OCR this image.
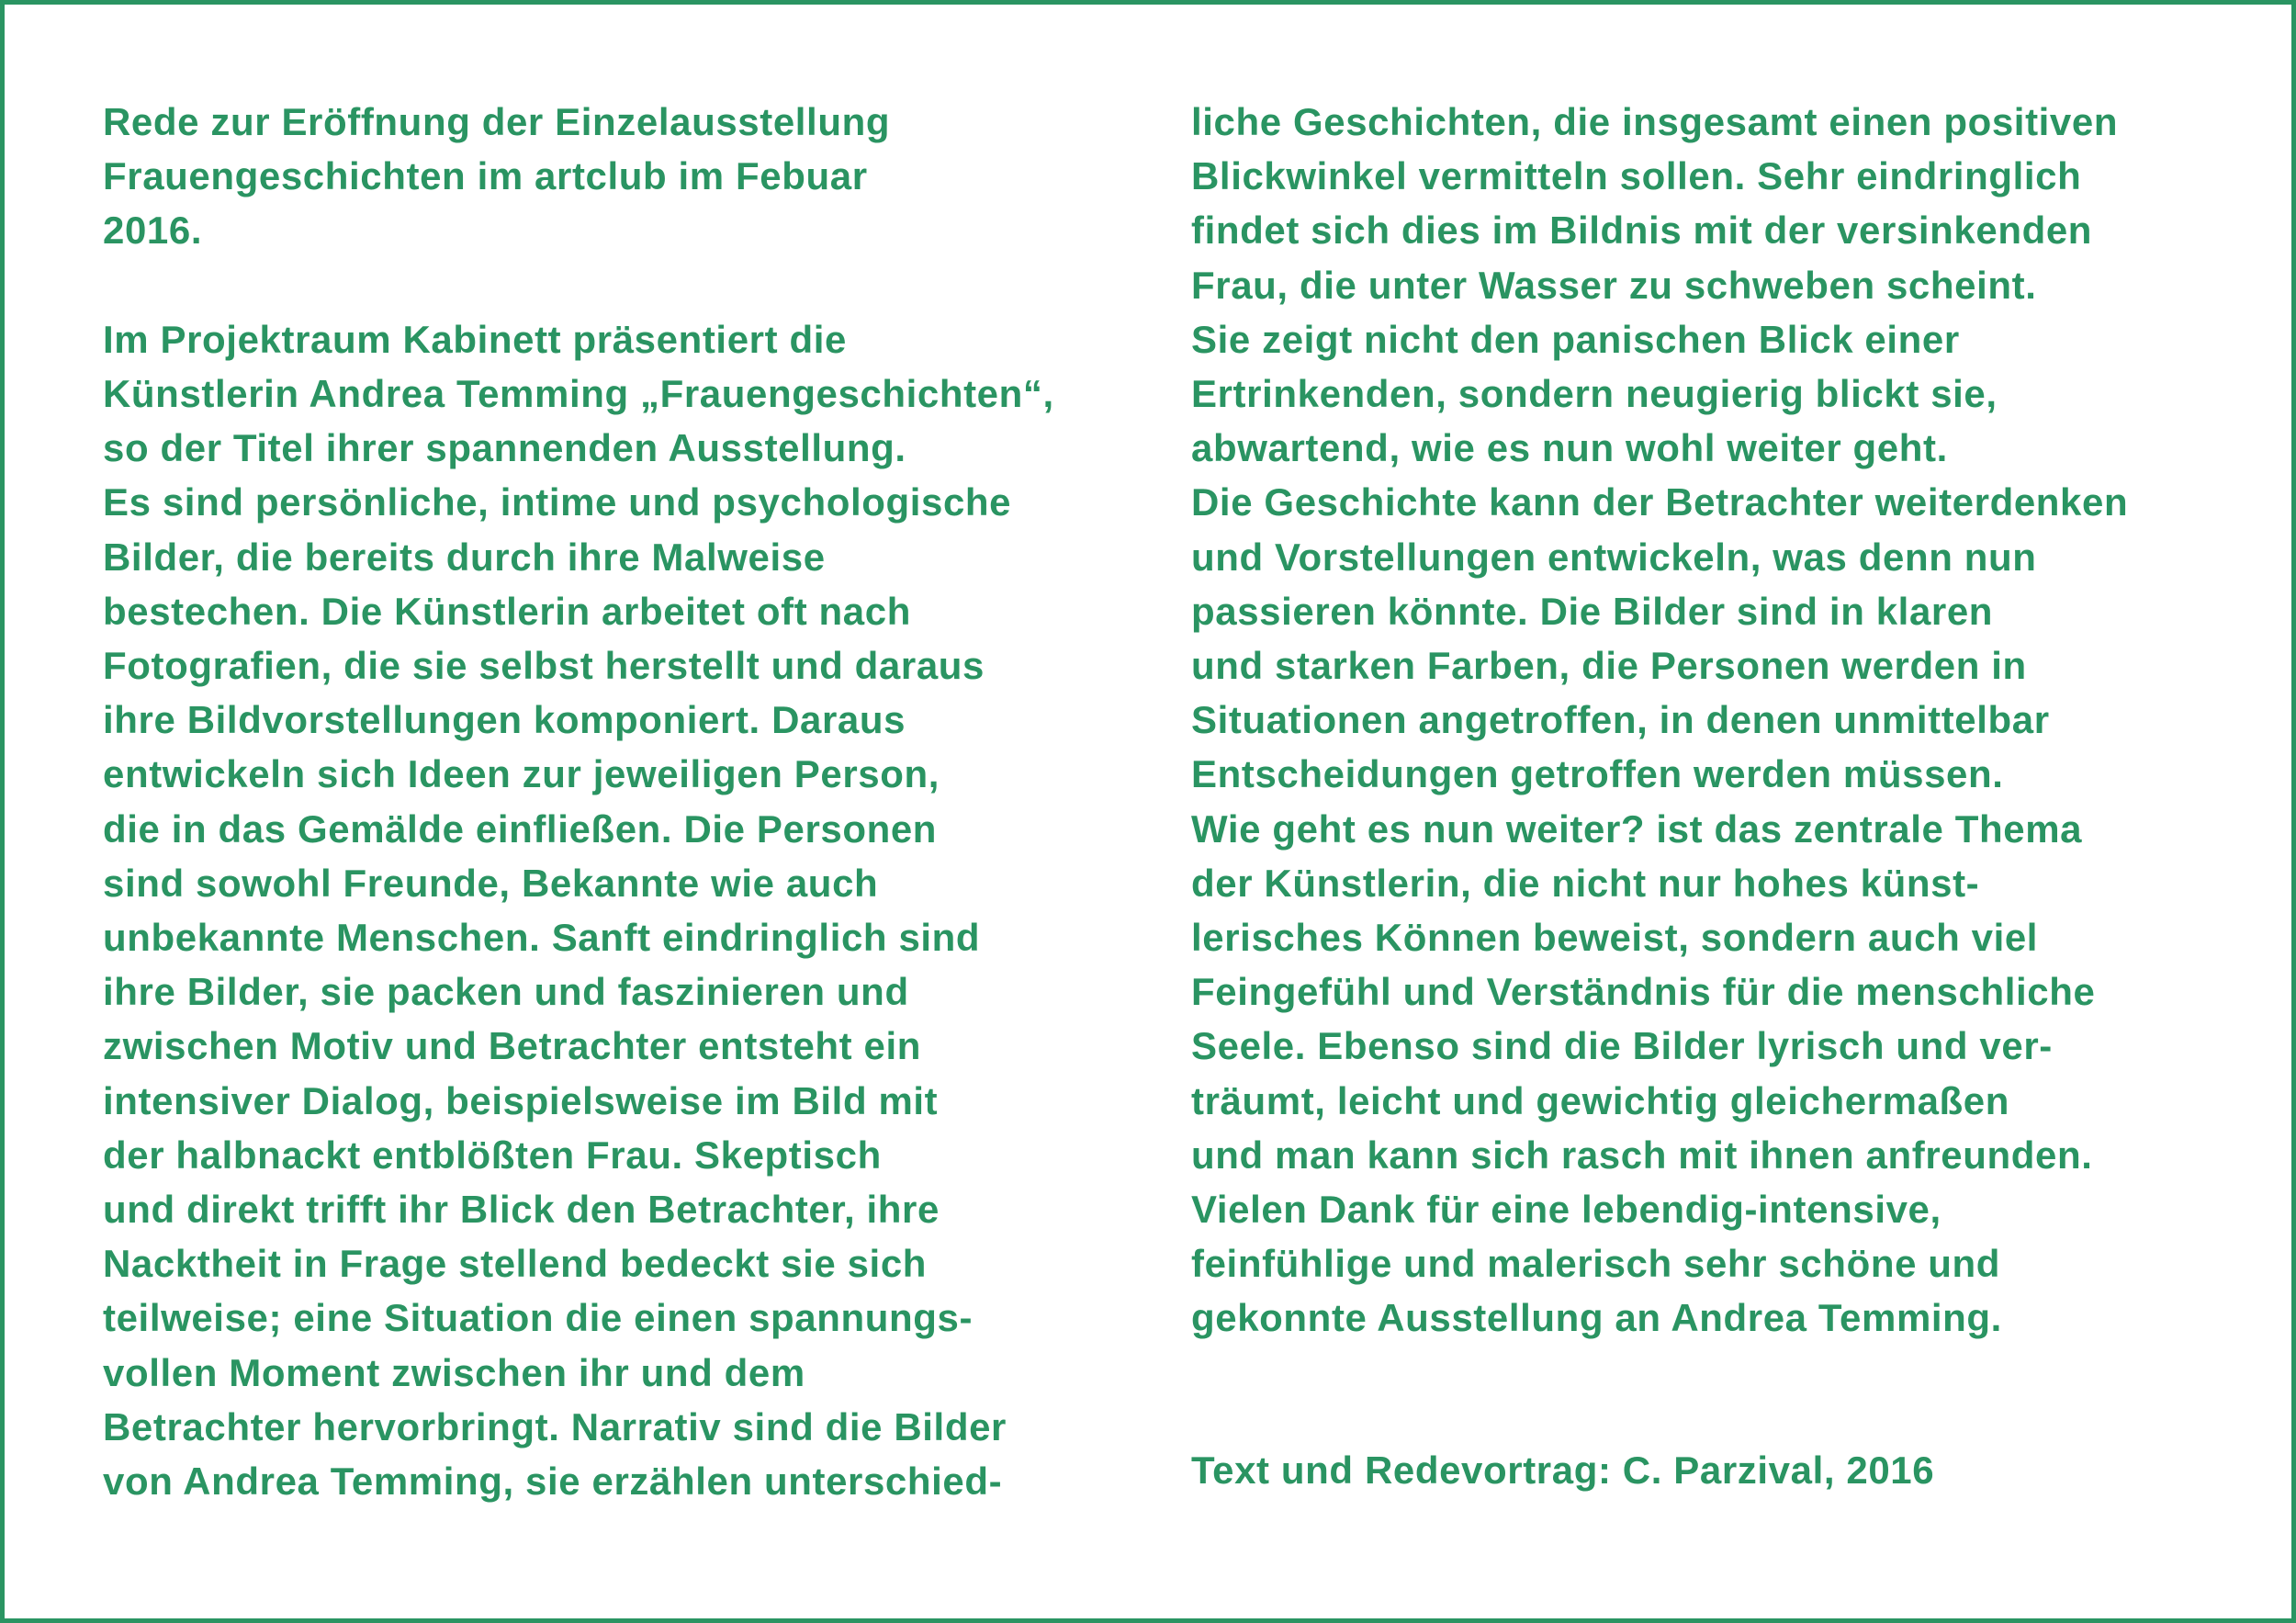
Rede zur Eröffnung der Einzelausstellung
Frauengeschichten im artclub im Febuar
2016.
Im Projektraum Kabinett präsentiert die
Künstlerin Andrea Temming „Frauengeschichten“,
so der Titel ihrer spannenden Ausstellung.
Es sind persönliche, intime und psychologische
Bilder, die bereits durch ihre Malweise
bestechen. Die Künstlerin arbeitet oft nach
Fotografien, die sie selbst herstellt und daraus
ihre Bildvorstellungen komponiert. Daraus
entwickeln sich Ideen zur jeweiligen Person,
die in das Gemälde einfließen. Die Personen
sind sowohl Freunde, Bekannte wie auch
unbekannte Menschen. Sanft eindringlich sind
ihre Bilder, sie packen und faszinieren und
zwischen Motiv und Betrachter entsteht ein
intensiver Dialog, beispielsweise im Bild mit
der halbnackt entblößten Frau. Skeptisch
und direkt trifft ihr Blick den Betrachter, ihre
Nacktheit in Frage stellend bedeckt sie sich
teilweise; eine Situation die einen spannungs-
vollen Moment zwischen ihr und dem
Betrachter hervorbringt. Narrativ sind die Bilder
von Andrea Temming, sie erzählen unterschied-
liche Geschichten, die insgesamt einen positiven
Blickwinkel vermitteln sollen. Sehr eindringlich
findet sich dies im Bildnis mit der versinkenden
Frau, die unter Wasser zu schweben scheint.
Sie zeigt nicht den panischen Blick einer
Ertrinkenden, sondern neugierig blickt sie,
abwartend, wie es nun wohl weiter geht.
Die Geschichte kann der Betrachter weiterdenken
und Vorstellungen entwickeln, was denn nun
passieren könnte. Die Bilder sind in klaren
und starken Farben, die Personen werden in
Situationen angetroffen, in denen unmittelbar
Entscheidungen getroffen werden müssen.
Wie geht es nun weiter? ist das zentrale Thema
der Künstlerin, die nicht nur hohes künst-
lerisches Können beweist, sondern auch viel
Feingefühl und Verständnis für die menschliche
Seele. Ebenso sind die Bilder lyrisch und ver-
träumt, leicht und gewichtig gleichermaßen
und man kann sich rasch mit ihnen anfreunden.
Vielen Dank für eine lebendig-intensive,
feinfühlige und malerisch sehr schöne und
gekonnte Ausstellung an Andrea Temming.
Text und Redevortrag: C. Parzival, 2016
